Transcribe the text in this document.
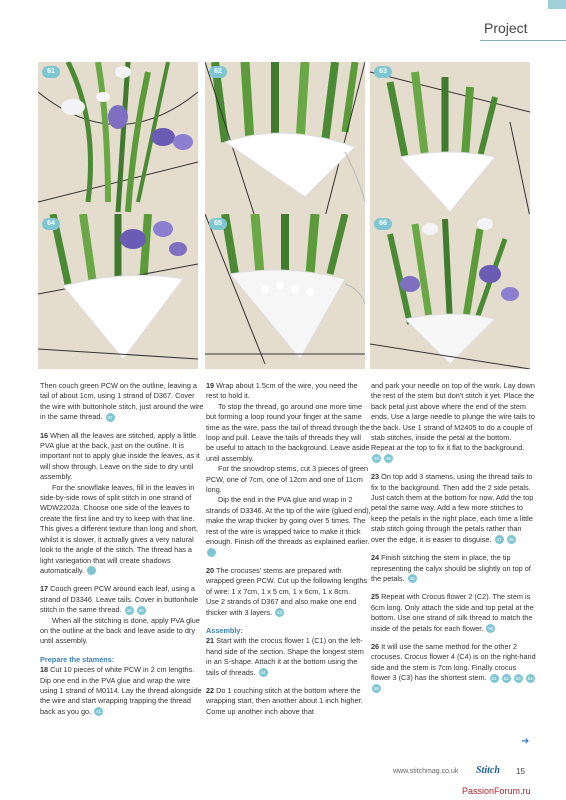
Project
61	62	63
64	65	66

Then couch green PCW on the outline, leaving a tail of about 1cm, using 1 strand of D367. Cover the wire with buttonhole stitch, just around the wire in the same thread. 37

16 When all the leaves are stitched, apply a little PVA glue at the back, just on the outline. It is important not to apply glue inside the leaves, as it will show through. Leave on the side to dry until assembly.

For the snowflake leaves, fill in the leaves in side-by-side rows of split stitch in one strand of WDW2202a. Choose one side of the leaves to create the first line and try to keep with that line. This gives a different texture than long and short, whilst it is slower, it actually gives a very natural look to the angle of the stitch. The thread has a light variegation that will create shadows automatically.	38

17 Couch green PCW around each leaf, using a strand of D3346. Leave tails. Cover in buttonhole stitch in the same thread. 39 40

When all the stitching is done, apply PVA glue on the outline at the back and leave aside to dry until assembly.

Prepare the stamens:

18 Cut 10 pieces of white PCW in 2 cm lengths. Dip one end in the PVA glue and wrap the wire using 1 strand of M0114. Lay the thread alongside the wire and start wrapping trapping the thread back as you go. 41

19 Wrap about 1.5cm of the wire, you need the rest to hold it.

To stop the thread, go around one more time but forming a loop round your finger at the same time as the wire, pass the tail of thread through the loop and pull. Leave the tails of threads they will be useful to attach to the background. Leave aside until assembly.

For the snowdrop stems, cut 3 pieces of green PCW, one of 7cm, one of 12cm and one of 11cm long.

Dip the end in the PVA glue and wrap in 2 strands of D3346. At the tip of the wire (glued end), make the wrap thicker by going over 5 times. The rest of the wire is wrapped twice to make it thick enough. Finish off the threads as explained earlier. 42

20 The crocuses' stems are prepared with wrapped green PCW. Cut up the following lengths of wire: 1 x 7cm, 1 x 5 cm, 1 x 6cm, 1 x 8cm.

Use 2 strands of D367 and also make one end thicker with 3 layers. 43

Assembly:

21 Start with the crocus flower 1 (C1) on the left-hand side of the section. Shape the longest stem in an S-shape. Attach it at the bottom using the tails of threads. 44

22 Do 1 couching stitch at the bottom where the wrapping start, then another about 1 inch higher. Come up another inch above that

and park your needle on top of the work. Lay down the rest of the stem but don't stitch it yet. Place the back petal just above where the end of the stem ends. Use a large needle to plunge the wire tails to the back. Use 1 strand of M2405 to do a couple of stab stitches, inside the petal at the bottom. Repeat at the top to fix it flat to the background. 45 46

23 On top add 3 stamens, using the thread tails to fix to the background. Then add the 2 side petals. Just catch them at the bottom for now. Add the top petal the same way. Add a few more stitches to keep the petals in the right place, each time a little stab stitch going through the petals rather than over the edge, it is easier to disguise. 47 48

24 Finish stitching the stem in place, the tip representing the calyx should be slightly on top of the petals. 49

25 Repeat with Crocus flower 2 (C2). The stem is 6cm long. Only attach the side and top petal at the bottom. Use one strand of silk thread to match the inside of the petals for each flower. 50

26 It will use the same method for the other 2 crocuses. Crocus flower 4 (C4) is on the right-hand side and the stem is 7cm long. Finally crocus flower 3 (C3) has the shortest stem. 51 52 53 54 55

➜
www.stitchmag.co.uk Stitch 15
PassionForum.ru
